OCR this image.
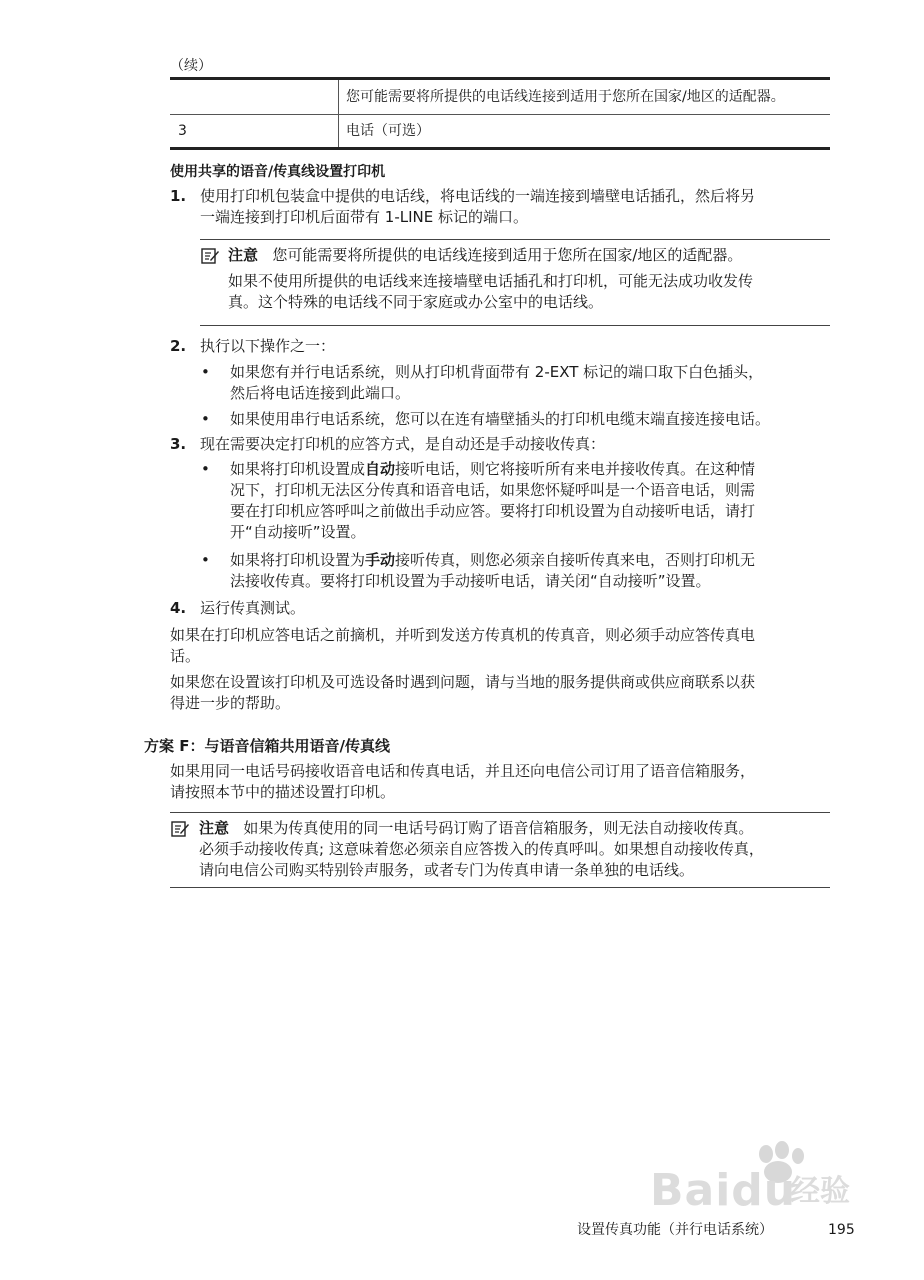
（续）
您可能需要将所提供的电话线连接到适用于您所在国家/地区的适配器。
3	电话（可选）
使用共享的语音/传真线设置打印机
1. 使用打印机包装盒中提供的电话线，将电话线的一端连接到墙壁电话插孔，然后将另
一端连接到打印机后面带有 1-LINE 标记的端口。
注意 您可能需要将所提供的电话线连接到适用于您所在国家/地区的适配器。
如果不使用所提供的电话线来连接墙壁电话插孔和打印机，可能无法成功收发传
真。这个特殊的电话线不同于家庭或办公室中的电话线。
2. 执行以下操作之一：
• 如果您有并行电话系统，则从打印机背面带有 2-EXT 标记的端口取下白色插头，
然后将电话连接到此端口。
• 如果使用串行电话系统，您可以在连有墙壁插头的打印机电缆末端直接连接电话。
3. 现在需要决定打印机的应答方式，是自动还是手动接收传真：
• 如果将打印机设置成自动接听电话，则它将接听所有来电并接收传真。在这种情
况下，打印机无法区分传真和语音电话，如果您怀疑呼叫是一个语音电话，则需
要在打印机应答呼叫之前做出手动应答。要将打印机设置为自动接听电话，请打
开“自动接听”设置。
• 如果将打印机设置为手动接听传真，则您必须亲自接听传真来电，否则打印机无
法接收传真。要将打印机设置为手动接听电话，请关闭“自动接听”设置。
4. 运行传真测试。
如果在打印机应答电话之前摘机，并听到发送方传真机的传真音，则必须手动应答传真电
话。
如果您在设置该打印机及可选设备时遇到问题，请与当地的服务提供商或供应商联系以获
得进一步的帮助。
方案 F：与语音信箱共用语音/传真线
如果用同一电话号码接收语音电话和传真电话，并且还向电信公司订用了语音信箱服务，
请按照本节中的描述设置打印机。
注意 如果为传真使用的同一电话号码订购了语音信箱服务，则无法自动接收传真。
必须手动接收传真; 这意味着您必须亲自应答拨入的传真呼叫。如果想自动接收传真，
请向电信公司购买特别铃声服务，或者专门为传真申请一条单独的电话线。
Baidu
经验
设置传真功能（并行电话系统）	195
